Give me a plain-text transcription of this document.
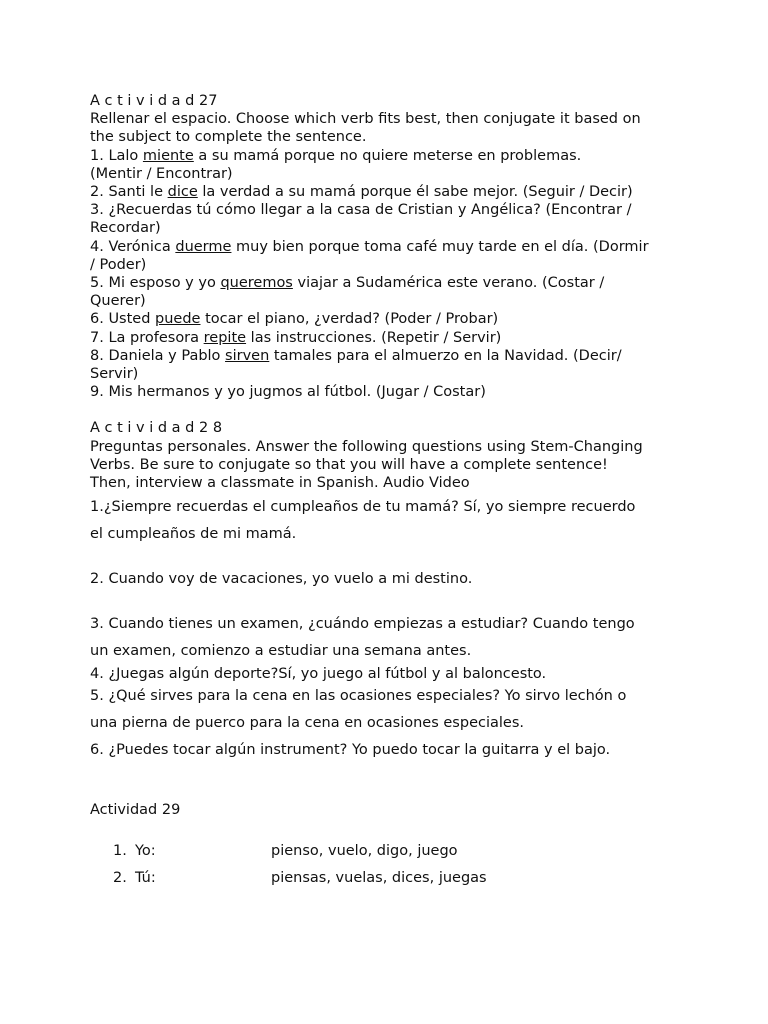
A c t i v i d a d 27
Rellenar el espacio. Choose which verb fits best, then conjugate it based on
the subject to complete the sentence.
1. Lalo miente a su mamá porque no quiere meterse en problemas.
(Mentir / Encontrar)
2. Santi le dice la verdad a su mamá porque él sabe mejor. (Seguir / Decir)
3. ¿Recuerdas tú cómo llegar a la casa de Cristian y Angélica? (Encontrar /
Recordar)
4. Verónica duerme muy bien porque toma café muy tarde en el día. (Dormir
/ Poder)
5. Mi esposo y yo queremos viajar a Sudamérica este verano. (Costar /
Querer)
6. Usted puede tocar el piano, ¿verdad? (Poder / Probar)
7. La profesora repite las instrucciones. (Repetir / Servir)
8. Daniela y Pablo sirven tamales para el almuerzo en la Navidad. (Decir/
Servir)
9. Mis hermanos y yo jugmos al fútbol. (Jugar / Costar)
A c t i v i d a d 2 8
Preguntas personales. Answer the following questions using Stem-Changing
Verbs. Be sure to conjugate so that you will have a complete sentence!
Then, interview a classmate in Spanish. Audio Video
1.¿Siempre recuerdas el cumpleaños de tu mamá? Sí, yo siempre recuerdo
el cumpleaños de mi mamá.
2. Cuando voy de vacaciones, yo vuelo a mi destino.
3. Cuando tienes un examen, ¿cuándo empiezas a estudiar? Cuando tengo
un examen, comienzo a estudiar una semana antes.
4. ¿Juegas algún deporte?Sí, yo juego al fútbol y al baloncesto.
5. ¿Qué sirves para la cena en las ocasiones especiales? Yo sirvo lechón o
una pierna de puerco para la cena en ocasiones especiales.
6. ¿Puedes tocar algún instrument? Yo puedo tocar la guitarra y el bajo.
Actividad 29
1. Yo:	pienso, vuelo, digo, juego
2. Tú:	piensas, vuelas, dices, juegas
